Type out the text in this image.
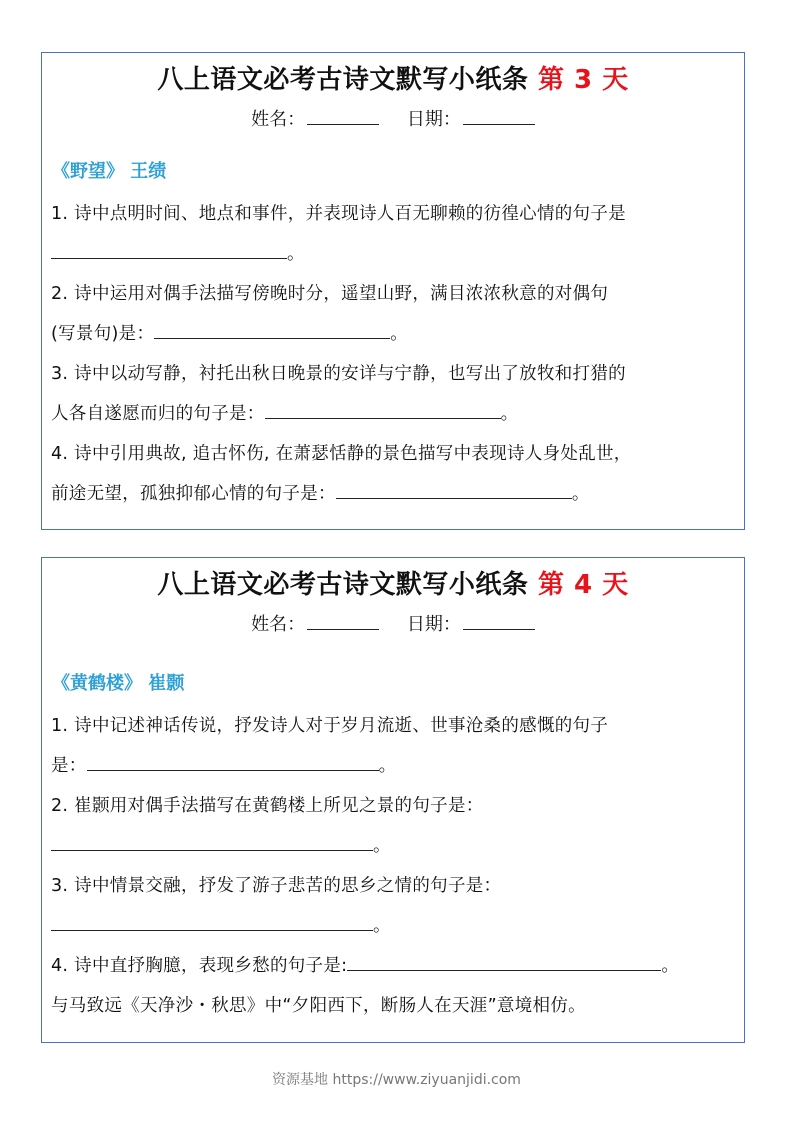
八上语文必考古诗文默写小纸条 第 3 天
姓名：	日期：
《野望》 王绩
1. 诗中点明时间、地点和事件，并表现诗人百无聊赖的彷徨心情的句子是
。
2. 诗中运用对偶手法描写傍晚时分，遥望山野，满目浓浓秋意的对偶句
(写景句)是：	。
3. 诗中以动写静，衬托出秋日晚景的安详与宁静，也写出了放牧和打猎的
人各自遂愿而归的句子是：	。
4. 诗中引用典故, 追古怀伤, 在萧瑟恬静的景色描写中表现诗人身处乱世，
前途无望，孤独抑郁心情的句子是：	。
八上语文必考古诗文默写小纸条 第 4 天
姓名：	日期：
《黄鹤楼》 崔颢
1. 诗中记述神话传说，抒发诗人对于岁月流逝、世事沧桑的感慨的句子
是：	。
2. 崔颢用对偶手法描写在黄鹤楼上所见之景的句子是：
。
3. 诗中情景交融，抒发了游子悲苦的思乡之情的句子是：
。
4. 诗中直抒胸臆，表现乡愁的句子是:	。
与马致远《天净沙・秋思》中“夕阳西下，断肠人在天涯”意境相仿。
资源基地 https://www.ziyuanjidi.com
